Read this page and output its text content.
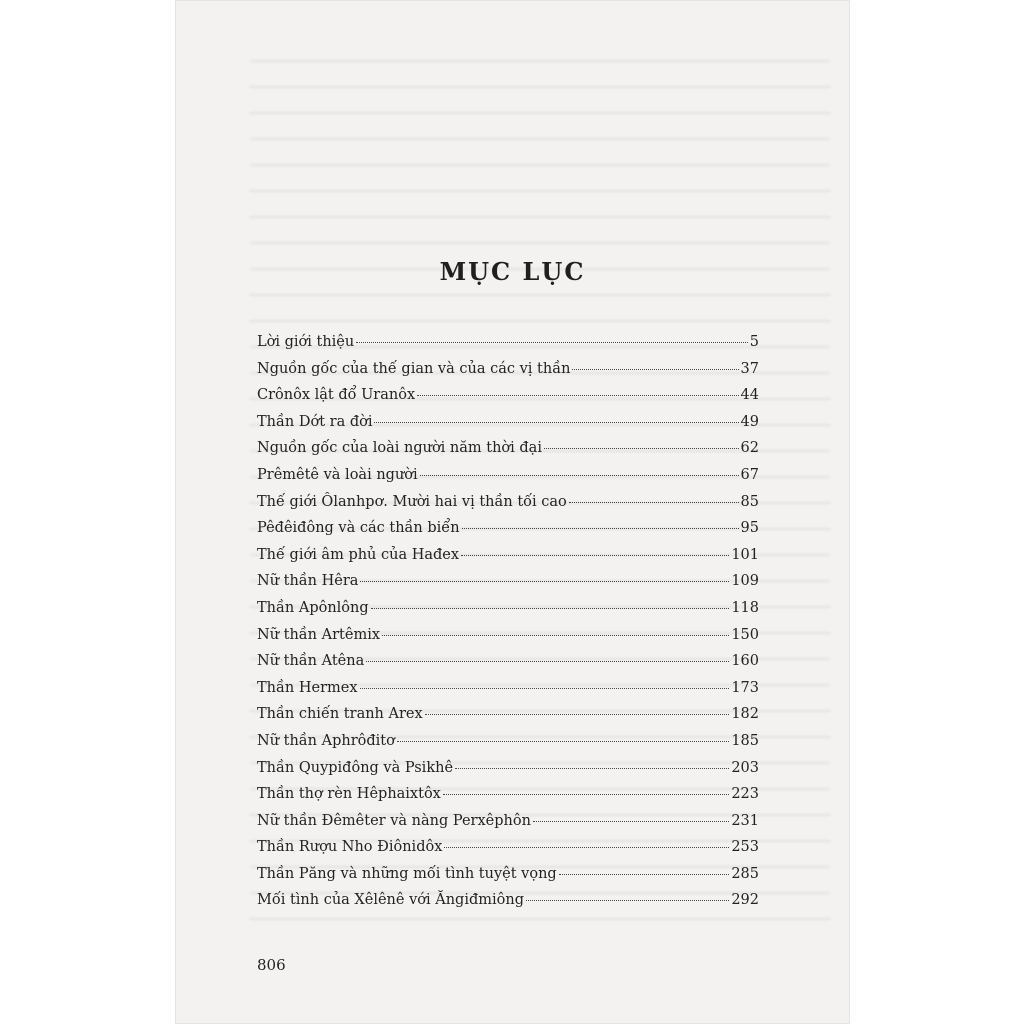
MỤC LỤC
Lời giới thiệu	5
Nguồn gốc của thế gian và của các vị thần	37
Crônôx lật đổ Uranôx	44
Thần Dớt ra đời	49
Nguồn gốc của loài người năm thời đại	62
Prêmêtê và loài người	67
Thế giới Ôlanhpơ. Mười hai vị thần tối cao	85
Pêđêiđông và các thần biển	95
Thế giới âm phủ của Hađex	101
Nữ thần Hêra	109
Thần Apônlông	118
Nữ thần Artêmix	150
Nữ thần Atêna	160
Thần Hermex	173
Thần chiến tranh Arex	182
Nữ thần Aphrôđitơ	185
Thần Quypiđông và Psikhê	203
Thần thợ rèn Hêphaixtôx	223
Nữ thần Đêmêter và nàng Perxêphôn	231
Thần Rượu Nho Điônidôx	253
Thần Păng và những mối tình tuyệt vọng	285
Mối tình của Xêlênê với Ăngiđmiông	292
806
